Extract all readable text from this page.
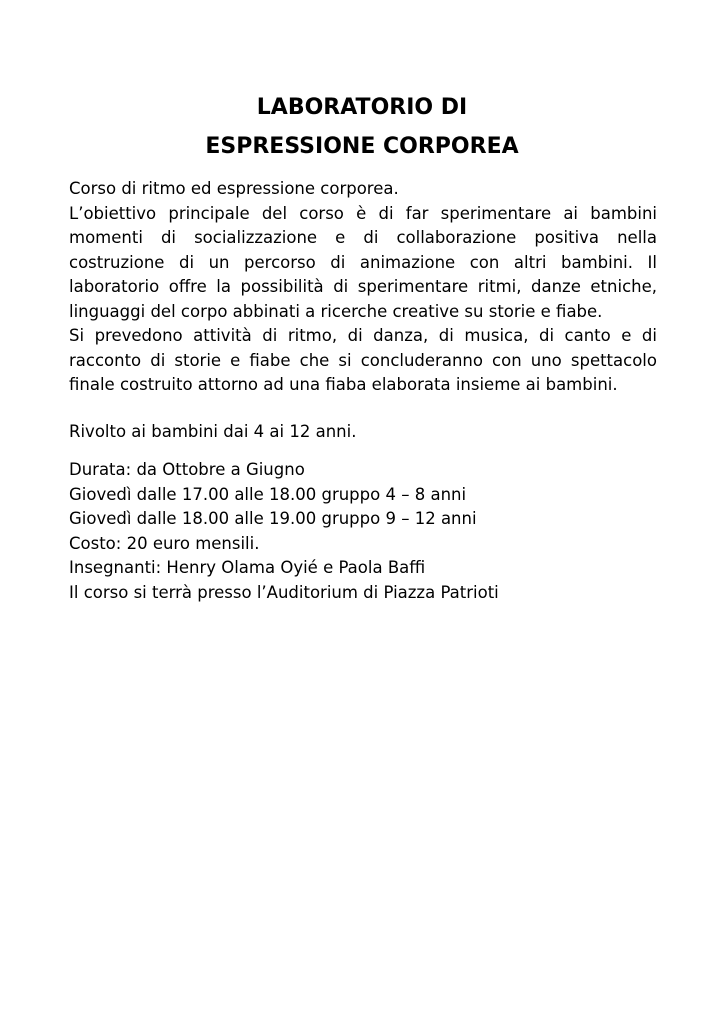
LABORATORIO DI
ESPRESSIONE CORPOREA
Corso di ritmo ed espressione corporea.

L’obiettivo principale del corso è di far sperimentare ai bambini momenti di socializzazione e di collaborazione positiva nella costruzione di un percorso di animazione con altri bambini. Il laboratorio offre la possibilità di sperimentare ritmi, danze etniche, linguaggi del corpo abbinati a ricerche creative su storie e fiabe.

Si prevedono attività di ritmo, di danza, di musica, di canto e di racconto di storie e fiabe che si concluderanno con uno spettacolo finale costruito attorno ad una fiaba elaborata insieme ai bambini.

Rivolto ai bambini dai 4 ai 12 anni.
Durata: da Ottobre a Giugno
Giovedì dalle 17.00 alle 18.00 gruppo 4 – 8 anni
Giovedì dalle 18.00 alle 19.00 gruppo 9 – 12 anni
Costo: 20 euro mensili.
Insegnanti: Henry Olama Oyié e Paola Baffi
Il corso si terrà presso l’Auditorium di Piazza Patrioti
